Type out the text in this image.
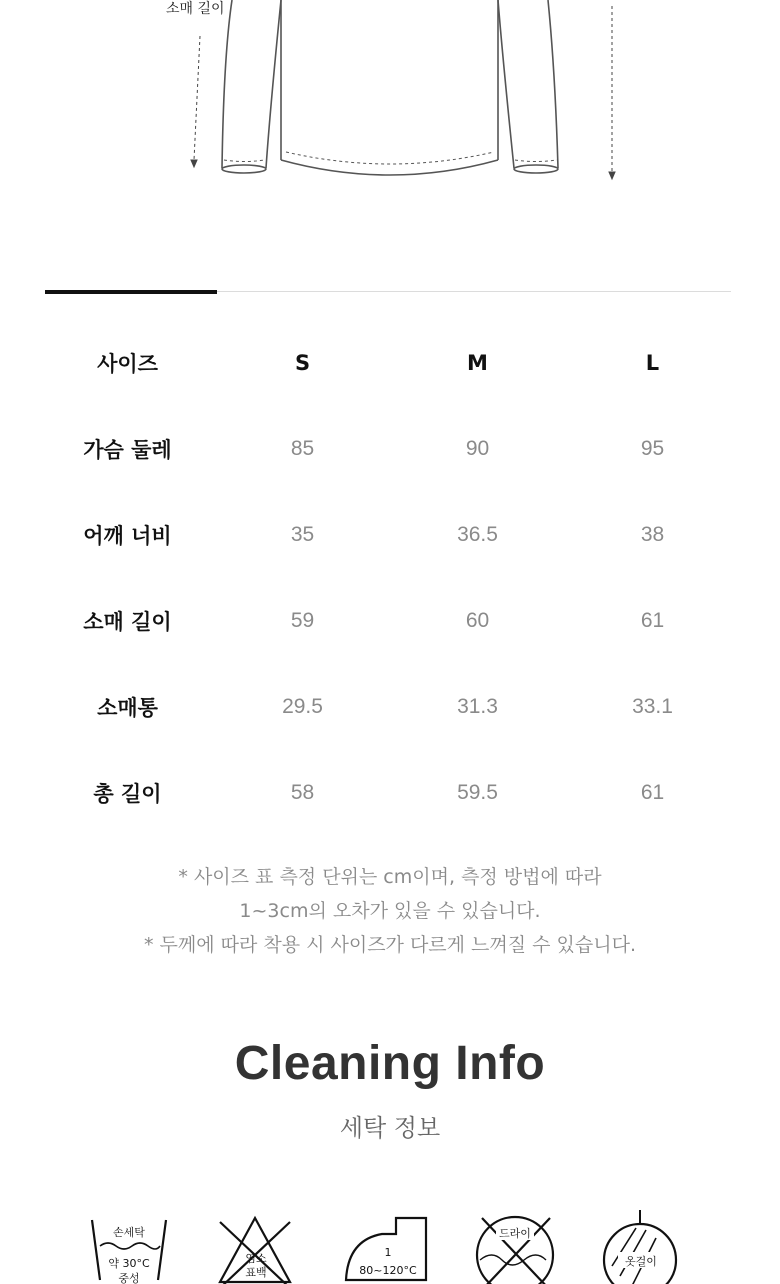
소매 길이
사이즈	S	M	L
가슴 둘레	85	90	95
어깨 너비	35	36.5	38
소매 길이	59	60	61
소매통	29.5	31.3	33.1
총 길이	58	59.5	61
* 사이즈 표 측정 단위는 cm이며, 측정 방법에 따라
1~3cm의 오차가 있을 수 있습니다.
* 두께에 따라 착용 시 사이즈가 다르게 느껴질 수 있습니다.
Cleaning Info
세탁 정보
손세탁
약 30°C
중성
염소
표백
1
80~120°C
드라이
옷걸이
